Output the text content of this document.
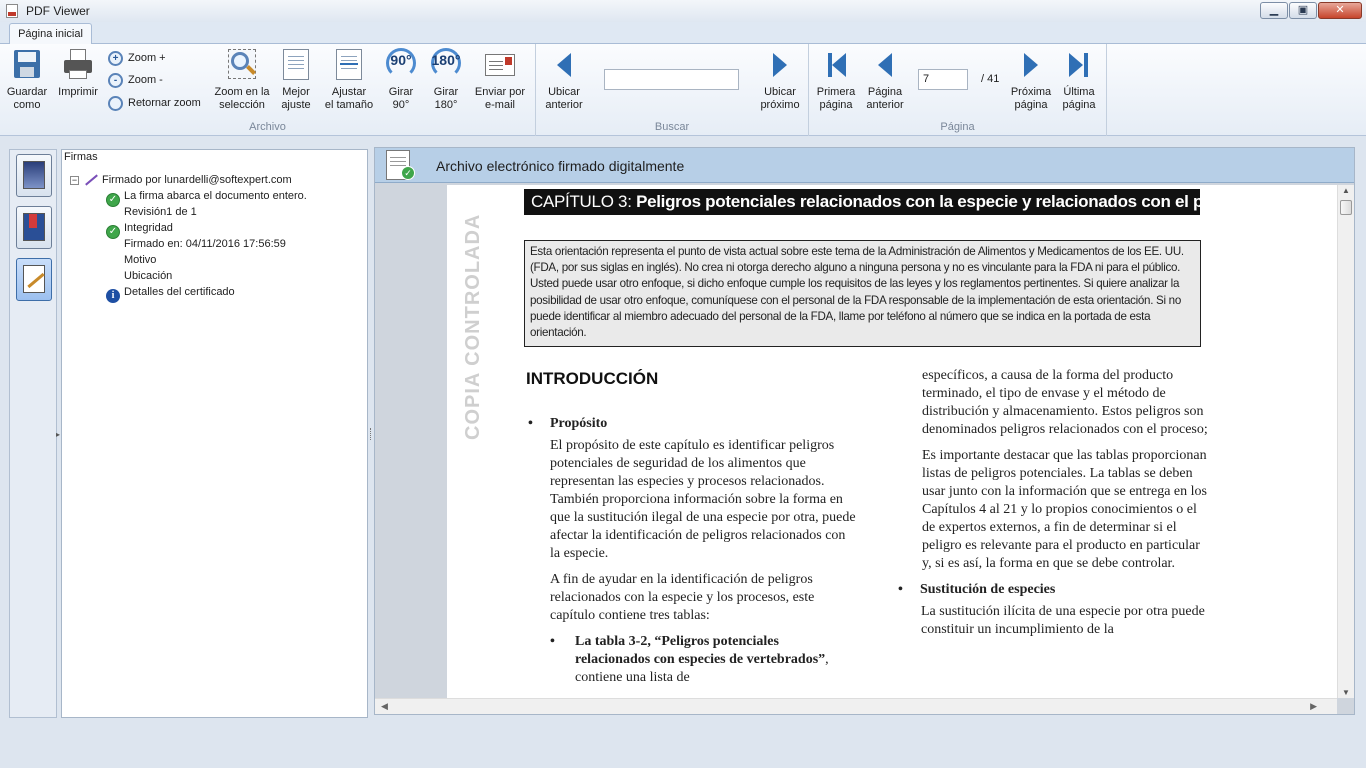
PDF Viewer	▁	▣	✕
Página inicial
Guardar
como
Imprimir
+ Zoom +
- Zoom -
Retornar zoom
Zoom en la
selección
Mejor
ajuste
Ajustar
el tamaño
90°
Girar
90°
180°
Girar
180°
Enviar por
e-mail
Archivo
Ubicar
anterior
Ubicar
próximo
Buscar
Primera
página
Página
anterior
Próxima
página
Última
página
Página
7	/ 41
▸
Firmas
− Firmado por lunardelli@softexpert.com
✓ La firma abarca el documento entero.
Revisión1 de 1
✓ Integridad
Firmado en: 04/11/2016 17:56:59
Motivo
Ubicación
i Detalles del certificado
✓ Archivo electrónico firmado digitalmente
CAPÍTULO 3: Peligros potenciales relacionados con la especie y relacionados con el proceso
Esta orientación representa el punto de vista actual sobre este tema de la Administración de Alimentos y Medicamentos de los EE. UU. (FDA, por sus siglas en inglés). No crea ni otorga derecho alguno a ninguna persona y no es vinculante para la FDA ni para el público. Usted puede usar otro enfoque, si dicho enfoque cumple los requisitos de las leyes y los reglamentos pertinentes. Si quiere analizar la posibilidad de usar otro enfoque, comuníquese con el personal de la FDA responsable de la implementación de esta orientación. Si no puede identificar al miembro adecuado del personal de la FDA, llame por teléfono al número que se indica en la portada de esta orientación.
COPIA CONTROLADA INTRODUCCIÓN
• Propósito
El propósito de este capítulo es identificar peligros potenciales de seguridad de los alimentos que representan las especies y procesos relacionados. También proporciona información sobre la forma en que la sustitución ilegal de una especie por otra, puede afectar la identificación de peligros relacionados con la especie.
A fin de ayudar en la identificación de peligros relacionados con la especie y los procesos, este capítulo contiene tres tablas:
• La tabla 3-2, “Peligros potenciales relacionados con especies de vertebrados”, contiene una lista de
específicos, a causa de la forma del producto terminado, el tipo de envase y el método de distribución y almacenamiento. Estos peligros son denominados peligros relacionados con el proceso;
Es importante destacar que las tablas proporcionan listas de peligros potenciales. La tablas se deben usar junto con la información que se entrega en los Capítulos 4 al 21 y lo propios conocimientos o el de expertos externos, a fin de determinar si el peligro es relevante para el producto en particular y, si es así, la forma en que se debe controlar.
• Sustitución de especies
La sustitución ilícita de una especie por otra puede constituir un incumplimiento de la
▲
▼
◀	▶
